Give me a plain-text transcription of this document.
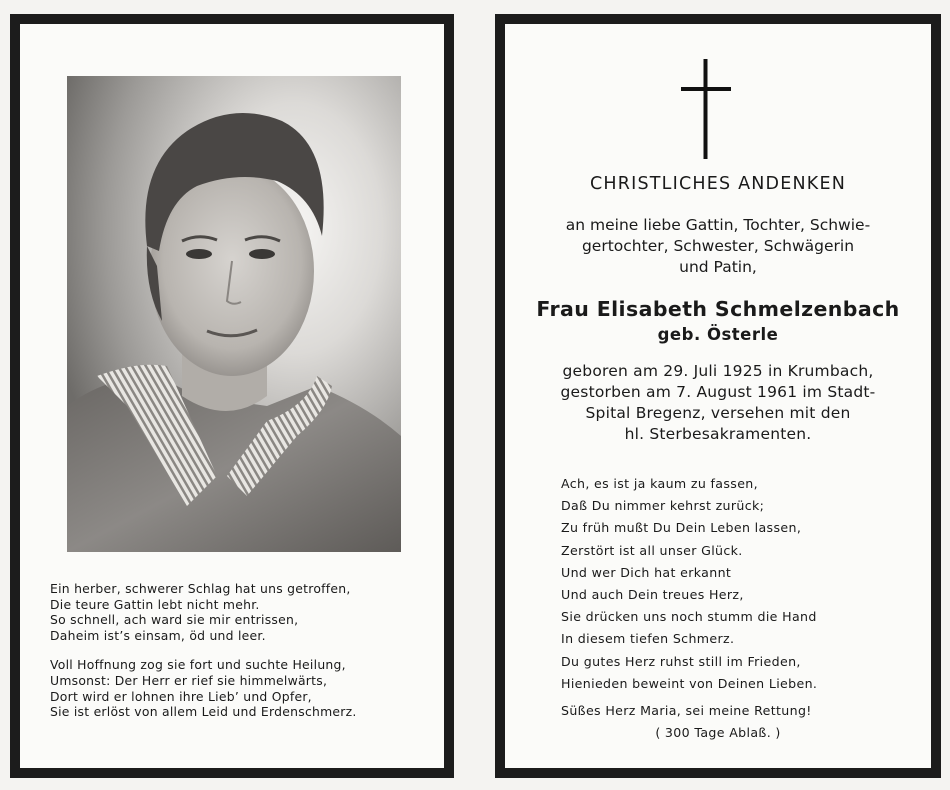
Ein herber, schwerer Schlag hat uns getroffen,
Die teure Gattin lebt nicht mehr.
So schnell, ach ward sie mir entrissen,
Daheim ist’s einsam, öd und leer.
Voll Hoffnung zog sie fort und suchte Heilung,
Umsonst: Der Herr er rief sie himmelwärts,
Dort wird er lohnen ihre Lieb’ und Opfer,
Sie ist erlöst von allem Leid und Erdenschmerz.
CHRISTLICHES ANDENKEN
an meine liebe Gattin, Tochter, Schwie-
gertochter, Schwester, Schwägerin
und Patin,
Frau Elisabeth Schmelzenbach
geb. Österle
geboren am 29. Juli 1925 in Krumbach,
gestorben am 7. August 1961 im Stadt-
Spital Bregenz, versehen mit den
hl. Sterbesakramenten.
Ach, es ist ja kaum zu fassen,
Daß Du nimmer kehrst zurück;
Zu früh mußt Du Dein Leben lassen,
Zerstört ist all unser Glück.
Und wer Dich hat erkannt
Und auch Dein treues Herz,
Sie drücken uns noch stumm die Hand
In diesem tiefen Schmerz.
Du gutes Herz ruhst still im Frieden,
Hienieden beweint von Deinen Lieben.
Süßes Herz Maria, sei meine Rettung!
( 300 Tage Ablaß. )
